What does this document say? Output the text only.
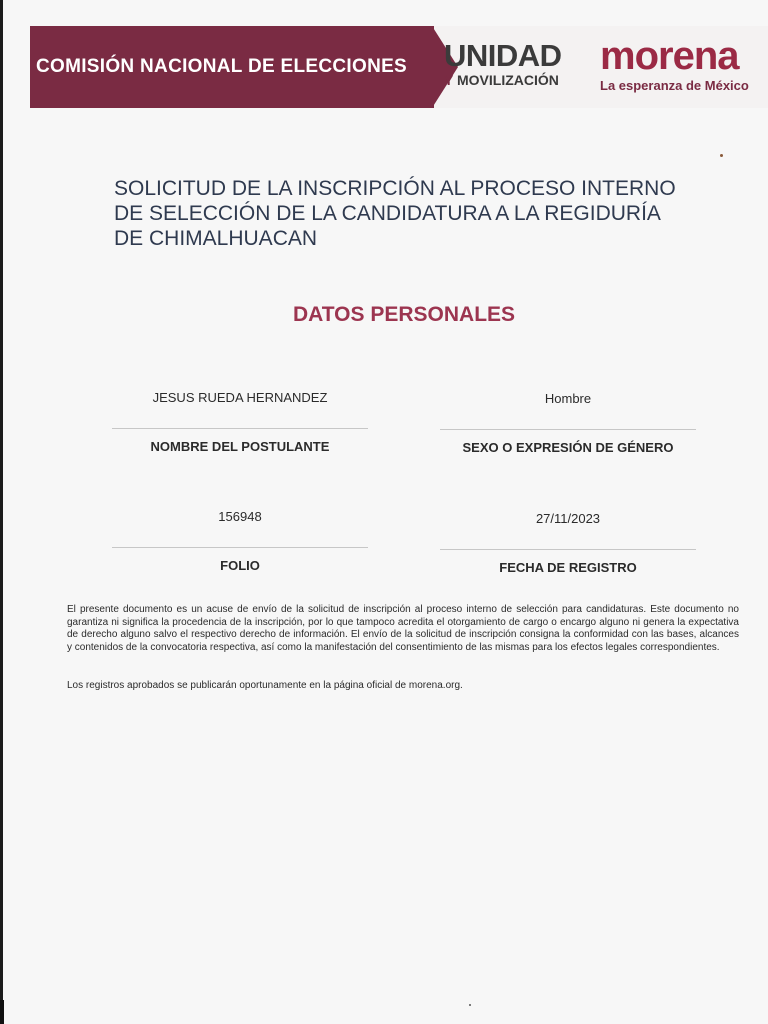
COMISIÓN NACIONAL DE ELECCIONES UNIDAD
Y MOVILIZACIÓN
morena
La esperanza de México
SOLICITUD DE LA INSCRIPCIÓN AL PROCESO INTERNO DE SELECCIÓN DE LA CANDIDATURA A LA REGIDURÍA DE CHIMALHUACAN
DATOS PERSONALES
JESUS RUEDA HERNANDEZ
NOMBRE DEL POSTULANTE
Hombre
SEXO O EXPRESIÓN DE GÉNERO
156948
FOLIO
27/11/2023
FECHA DE REGISTRO
El presente documento es un acuse de envío de la solicitud de inscripción al proceso interno de selección para candidaturas. Este documento no garantiza ni significa la procedencia de la inscripción, por lo que tampoco acredita el otorgamiento de cargo o encargo alguno ni genera la expectativa de derecho alguno salvo el respectivo derecho de información. El envío de la solicitud de inscripción consigna la conformidad con las bases, alcances y contenidos de la convocatoria respectiva, así como la manifestación del consentimiento de las mismas para los efectos legales correspondientes.
Los registros aprobados se publicarán oportunamente en la página oficial de morena.org.
